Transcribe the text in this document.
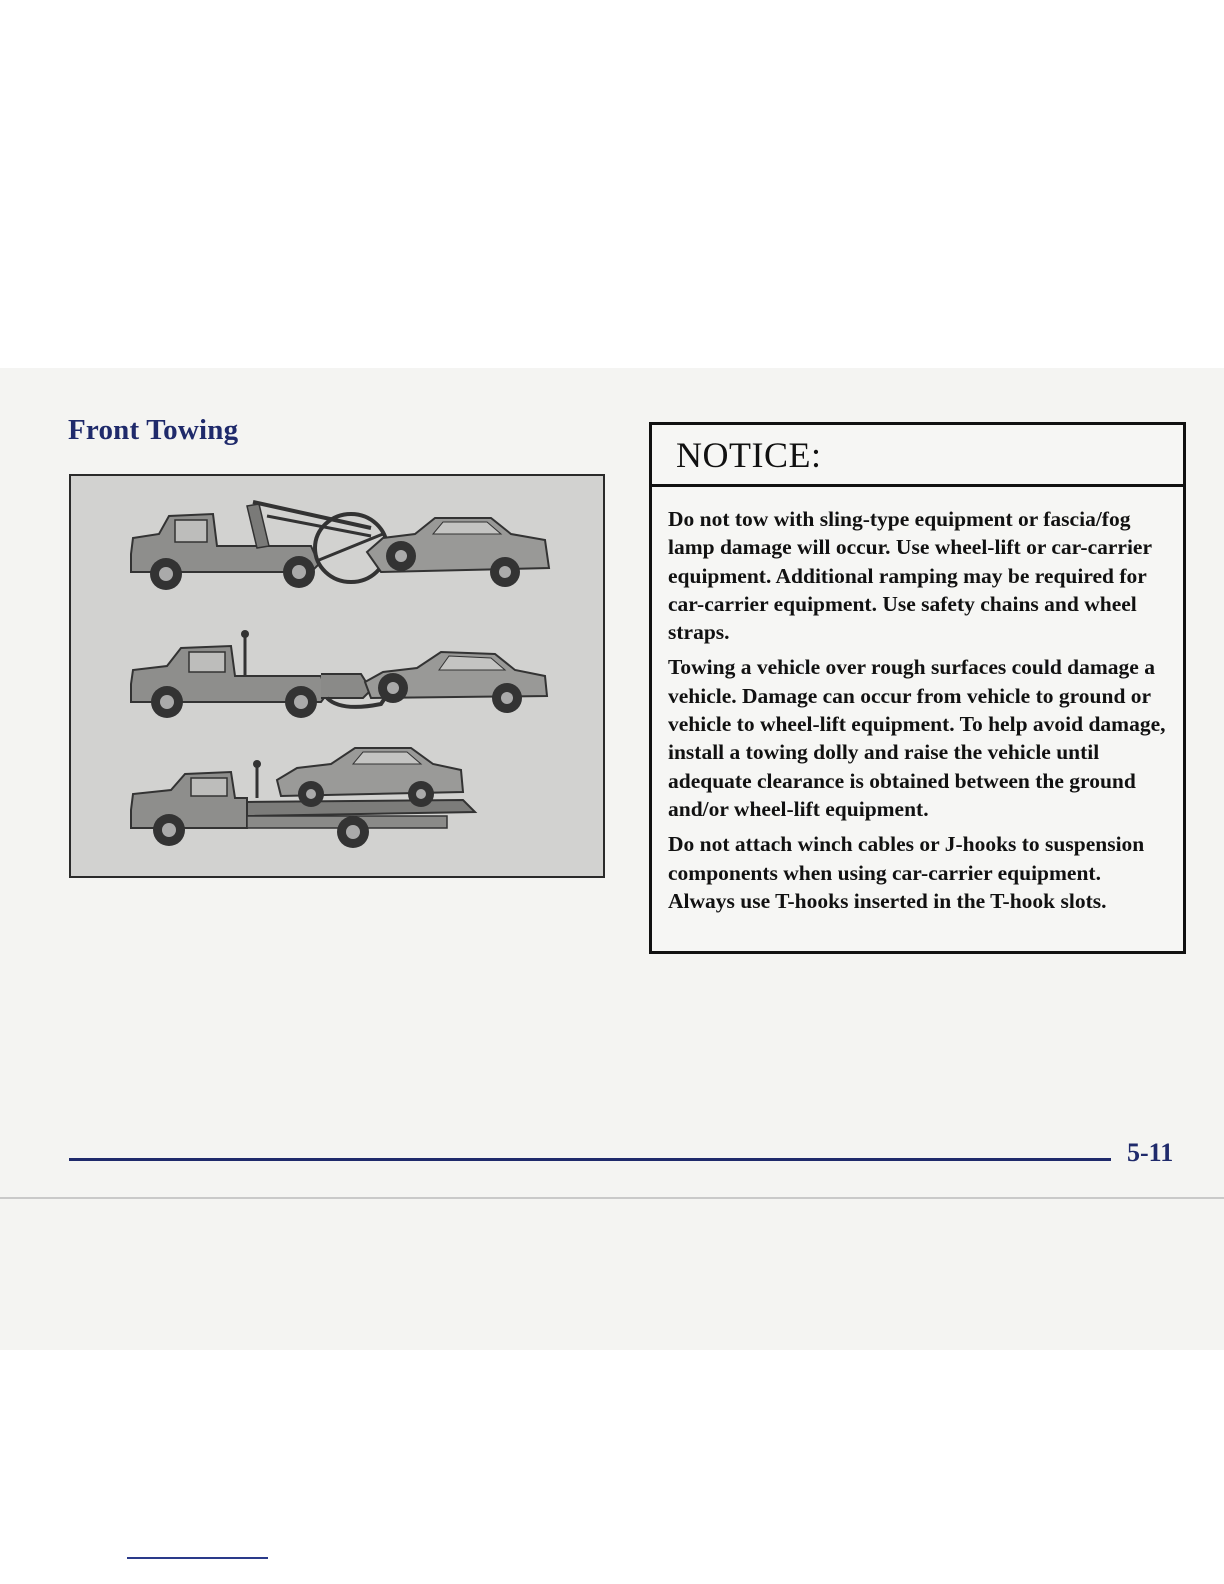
Front Towing
NOTICE:

Do not tow with sling-type equipment or fascia/fog lamp damage will occur. Use wheel-lift or car-carrier equipment. Additional ramping may be required for car-carrier equipment. Use safety chains and wheel straps.

Towing a vehicle over rough surfaces could damage a vehicle. Damage can occur from vehicle to ground or vehicle to wheel-lift equipment. To help avoid damage, install a towing dolly and raise the vehicle until adequate clearance is obtained between the ground and/or wheel-lift equipment.

Do not attach winch cables or J-hooks to suspension components when using car-carrier equipment. Always use T-hooks inserted in the T-hook slots.

5-11
